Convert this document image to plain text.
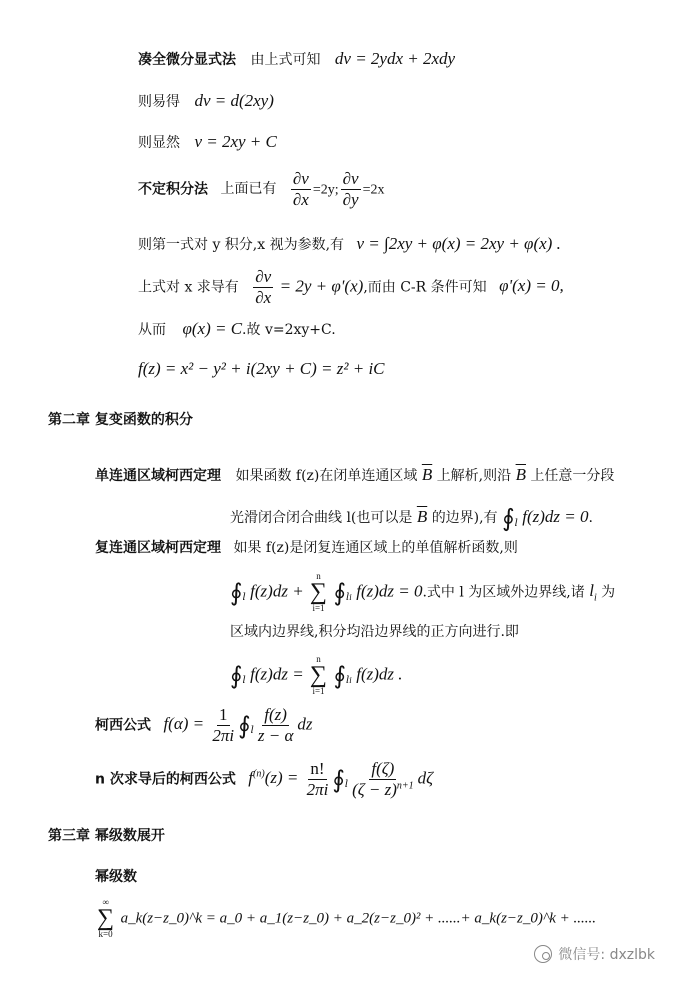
凑全微分显式法 由上式可知 dv = 2ydx + 2xdy
则易得 dv = d(2xy)
则显然 v = 2xy + C
不定积分法 上面已有 $\frac{\partial v}{\partial x} =2y$; $\frac{\partial v}{\partial y} =2x$
则第一式对 y 积分,x 视为参数,有 v = ∫2xy + φ(x) = 2xy + φ(x) .
上式对 x 求导有 $\frac{\partial v}{\partial x} = 2y + \varphi'(x)$,而由 C-R 条件可知 φ'(x) = 0,
从而 φ(x) = C.故 v=2xy+C.
f(z) = x² − y² + i(2xy + C) = z² + iC
第二章 复变函数的积分
单连通区域柯西定理 如果函数 f(z)在闭单连通区域 $\overline{B}$ 上解析,则沿 $\overline{B}$ 上任意一分段
光滑闭合闭合曲线 l(也可以是 $\overline{B}$ 的边界),有 $∮_l$ f(z)dz = 0.
复连通区域柯西定理 如果 f(z)是闭复连通区域上的单值解析函数,则
$∮_l$ f(z)dz +
n
∑
i=1
$∮_{li}$ f(z)dz = 0.式中 l 为区域外边界线,诸 $l_i$ 为
区域内边界线,积分均沿边界线的正方向进行.即
$∮_l$ f(z)dz =
n
∑
i=1
$∮_{li}$ f(z)dz .
柯西公式 $f(\alpha) = \frac{1}{2\pi i}$ $∮_l \frac{f(z)}{z - \alpha}$ dz
n 次求导后的柯西公式 $f^{(n)}(z) = \frac{n!}{2\pi i}$ $∮_l \frac{f(\zeta)}{(\zeta - z)^{n+1}}$ dζ
第三章 幂级数展开
幂级数
∞
∑
k=0
a_k(z−z_0)^k = a_0 + a_1(z−z_0) + a_2(z−z_0)² + ......+ a_k(z−z_0)^k + ......
微信号: dxzlbk
